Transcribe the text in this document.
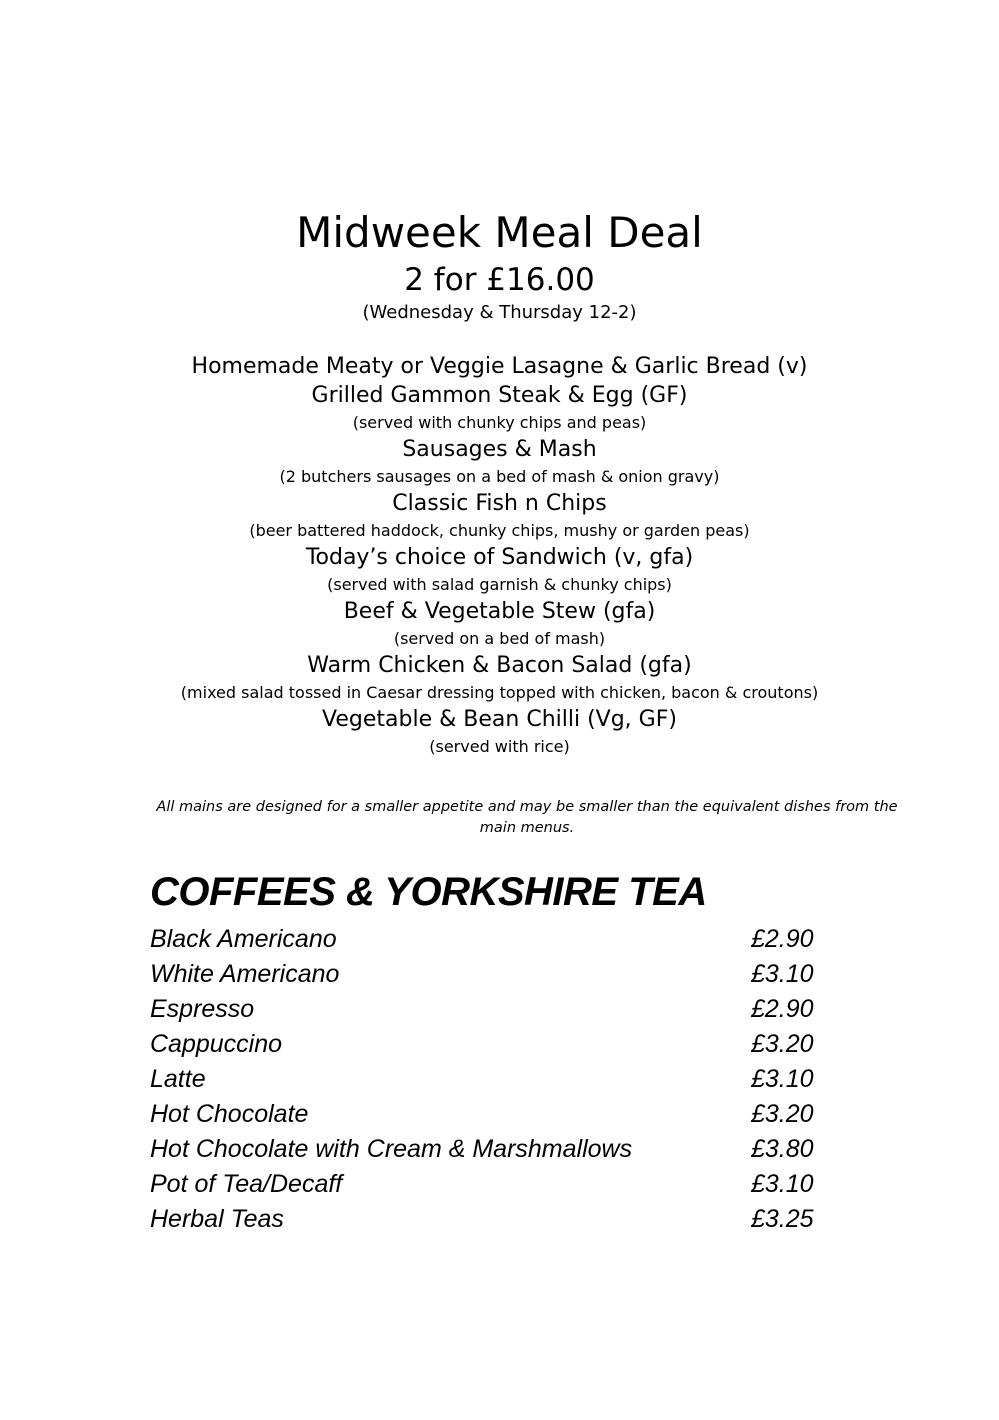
Midweek Meal Deal

2 for £16.00

(Wednesday & Thursday 12-2)

Homemade Meaty or Veggie Lasagne & Garlic Bread (v)
Grilled Gammon Steak & Egg (GF)
(served with chunky chips and peas)
Sausages & Mash
(2 butchers sausages on a bed of mash & onion gravy)
Classic Fish n Chips
(beer battered haddock, chunky chips, mushy or garden peas)
Today’s choice of Sandwich (v, gfa)
(served with salad garnish & chunky chips)
Beef & Vegetable Stew (gfa)
(served on a bed of mash)
Warm Chicken & Bacon Salad (gfa)
(mixed salad tossed in Caesar dressing topped with chicken, bacon & croutons)
Vegetable & Bean Chilli (Vg, GF)
(served with rice)

All mains are designed for a smaller appetite and may be smaller than the equivalent dishes from the main menus.

COFFEES & YORKSHIRE TEA
Black Americano	£2.90
White Americano	£3.10
Espresso	£2.90
Cappuccino	£3.20
Latte	£3.10
Hot Chocolate	£3.20
Hot Chocolate with Cream & Marshmallows	£3.80
Pot of Tea/Decaff	£3.10
Herbal Teas	£3.25
